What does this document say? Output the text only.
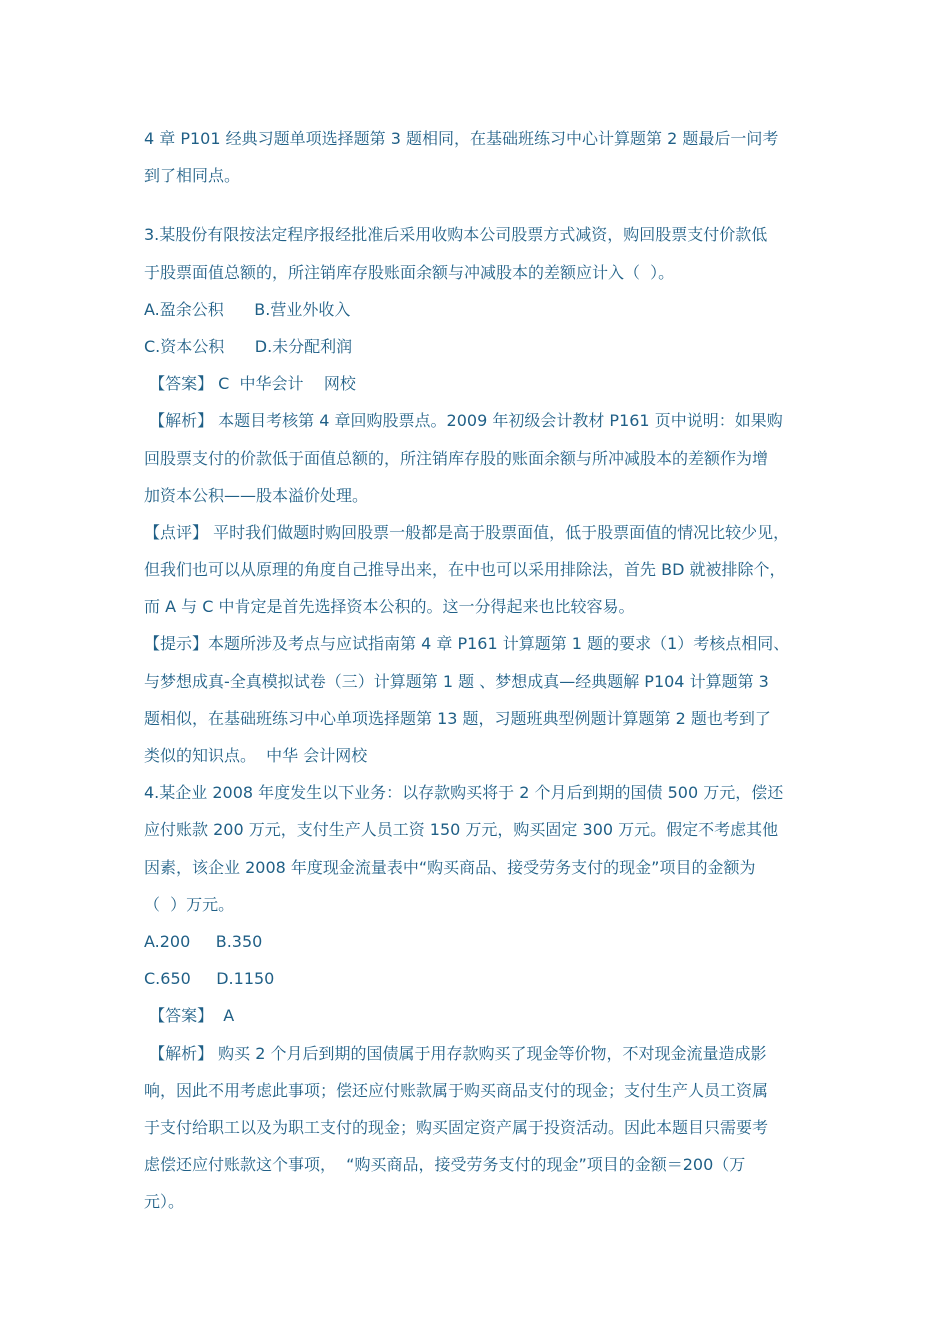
4 章 P101 经典习题单项选择题第 3 题相同，在基础班练习中心计算题第 2 题最后一问考
到了相同点。
3.某股份有限按法定程序报经批准后采用收购本公司股票方式减资，购回股票支付价款低
于股票面值总额的，所注销库存股账面余额与冲减股本的差额应计入（  ）。
A.盈余公积      B.营业外收入
C.资本公积      D.未分配利润
【答案】 C  中华会计    网校
【解析】 本题目考核第 4 章回购股票点。2009 年初级会计教材 P161 页中说明：如果购
回股票支付的价款低于面值总额的，所注销库存股的账面余额与所冲减股本的差额作为增
加资本公积——股本溢价处理。
【点评】 平时我们做题时购回股票一般都是高于股票面值，低于股票面值的情况比较少见，
但我们也可以从原理的角度自己推导出来，在中也可以采用排除法，首先 BD 就被排除个，
而 A 与 C 中肯定是首先选择资本公积的。这一分得起来也比较容易。
【提示】本题所涉及考点与应试指南第 4 章 P161 计算题第 1 题的要求（1）考核点相同、
与梦想成真-全真模拟试卷（三）计算题第 1 题 、梦想成真—经典题解 P104 计算题第 3
题相似，在基础班练习中心单项选择题第 13 题，习题班典型例题计算题第 2 题也考到了
类似的知识点。  中华 会计网校
4.某企业 2008 年度发生以下业务：以存款购买将于 2 个月后到期的国债 500 万元，偿还
应付账款 200 万元，支付生产人员工资 150 万元，购买固定 300 万元。假定不考虑其他
因素，该企业 2008 年度现金流量表中“购买商品、接受劳务支付的现金”项目的金额为
（  ）万元。
A.200     B.350
C.650     D.1150
【答案】  A
【解析】 购买 2 个月后到期的国债属于用存款购买了现金等价物，不对现金流量造成影
响，因此不用考虑此事项；偿还应付账款属于购买商品支付的现金；支付生产人员工资属
于支付给职工以及为职工支付的现金；购买固定资产属于投资活动。因此本题目只需要考
虑偿还应付账款这个事项，  “购买商品，接受劳务支付的现金”项目的金额＝200（万
元）。
